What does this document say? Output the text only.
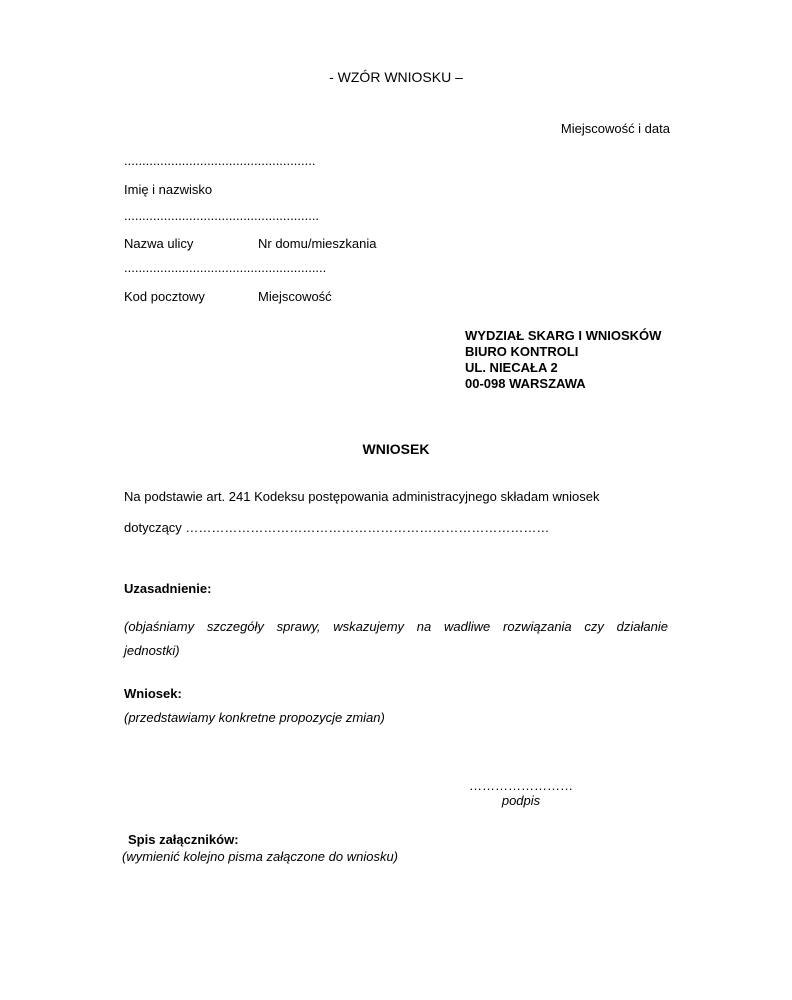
- WZÓR WNIOSKU –
Miejscowość i data
.....................................................
Imię i nazwisko
......................................................
Nazwa ulicy	Nr domu/mieszkania
........................................................
Kod pocztowy	Miejscowość
WYDZIAŁ SKARG I WNIOSKÓW
BIURO KONTROLI
UL. NIECAŁA 2
00-098 WARSZAWA
WNIOSEK
Na podstawie art. 241 Kodeksu postępowania administracyjnego składam wniosek
dotyczący …………………………………………………………………………
Uzasadnienie:
(objaśniamy szczegóły sprawy, wskazujemy na wadliwe rozwiązania czy działanie
jednostki)
Wniosek:
(przedstawiamy konkretne propozycje zmian)
……………………
podpis
Spis załączników:
(wymienić kolejno pisma załączone do wniosku)
